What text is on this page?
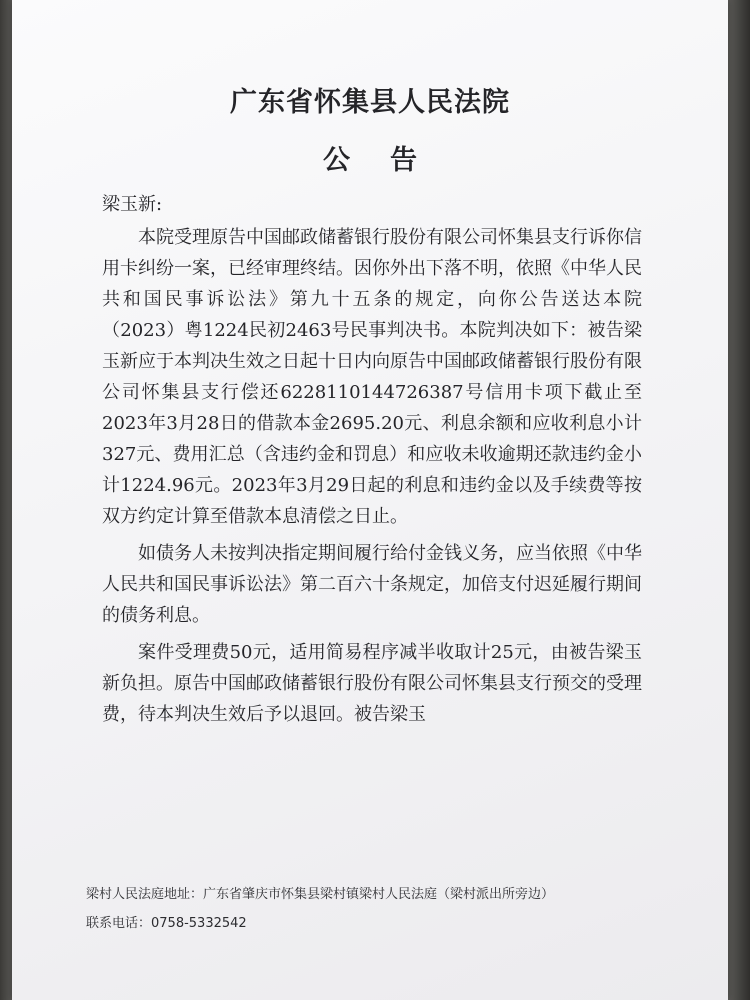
广东省怀集县人民法院
公告
梁玉新:

本院受理原告中国邮政储蓄银行股份有限公司怀集县支行诉你信用卡纠纷一案，已经审理终结。因你外出下落不明，依照《中华人民共和国民事诉讼法》第九十五条的规定，向你公告送达本院（2023）粤1224民初2463号民事判决书。本院判决如下：被告梁玉新应于本判决生效之日起十日内向原告中国邮政储蓄银行股份有限公司怀集县支行偿还6228110144726387号信用卡项下截止至2023年3月28日的借款本金2695.20元、利息余额和应收利息小计327元、费用汇总（含违约金和罚息）和应收未收逾期还款违约金小计1224.96元。2023年3月29日起的利息和违约金以及手续费等按双方约定计算至借款本息清偿之日止。

如债务人未按判决指定期间履行给付金钱义务，应当依照《中华人民共和国民事诉讼法》第二百六十条规定，加倍支付迟延履行期间的债务利息。

案件受理费50元，适用简易程序减半收取计25元，由被告梁玉新负担。原告中国邮政储蓄银行股份有限公司怀集县支行预交的受理费，待本判决生效后予以退回。被告梁玉

梁村人民法庭地址：广东省肇庆市怀集县梁村镇梁村人民法庭（梁村派出所旁边）
联系电话：0758-5332542
